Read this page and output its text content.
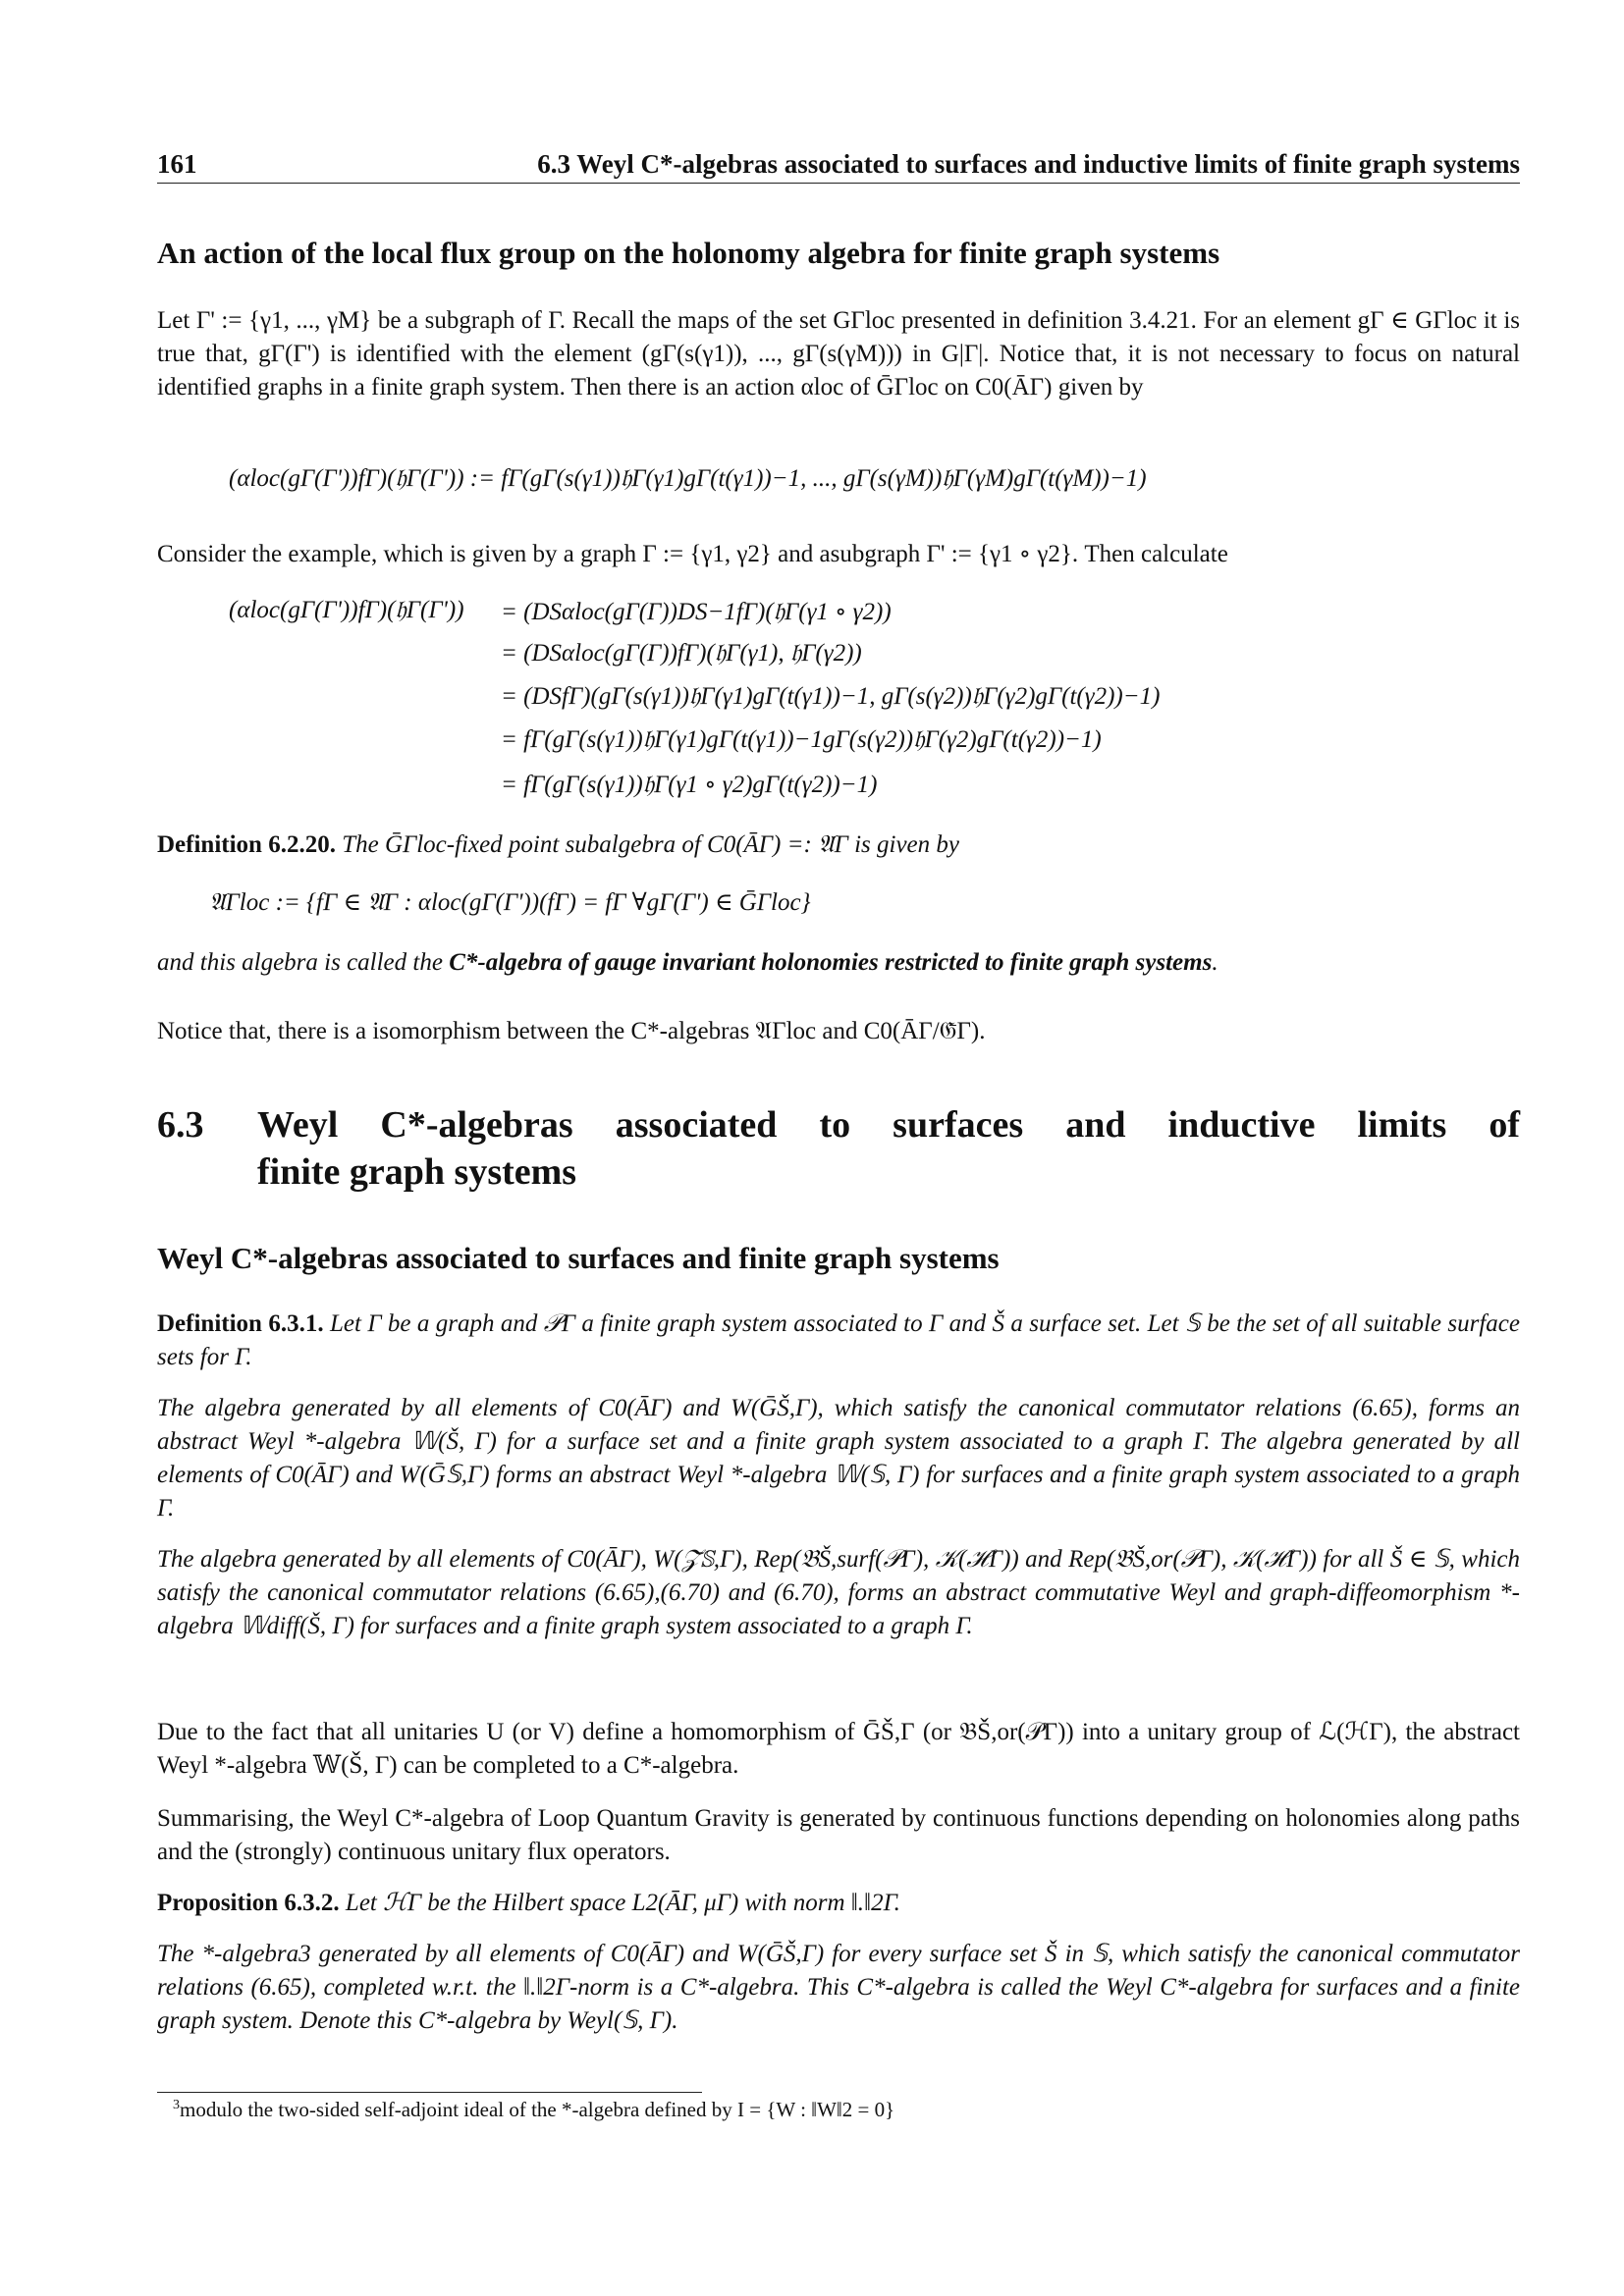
161	6.3 Weyl C*-algebras associated to surfaces and inductive limits of finite graph systems
An action of the local flux group on the holonomy algebra for finite graph systems
Let Γ' := {γ1, ..., γM} be a subgraph of Γ. Recall the maps of the set GΓloc presented in definition 3.4.21. For an element gΓ ∈ GΓloc it is true that, gΓ(Γ') is identified with the element (gΓ(s(γ1)), ..., gΓ(s(γM))) in G|Γ|. Notice that, it is not necessary to focus on natural identified graphs in a finite graph system. Then there is an action αloc of ḠΓloc on C0(ĀΓ) given by
(αloc(gΓ(Γ'))fΓ)(𝔥Γ(Γ')) := fΓ(gΓ(s(γ1))𝔥Γ(γ1)gΓ(t(γ1))−1, ..., gΓ(s(γM))𝔥Γ(γM)gΓ(t(γM))−1)
Consider the example, which is given by a graph Γ := {γ1, γ2} and asubgraph Γ' := {γ1 ∘ γ2}. Then calculate
(αloc(gΓ(Γ'))fΓ)(𝔥Γ(Γ')) = (DSαloc(gΓ(Γ))DS−1fΓ)(𝔥Γ(γ1 ∘ γ2))
= (DSαloc(gΓ(Γ))fΓ)(𝔥Γ(γ1), 𝔥Γ(γ2))
= (DSfΓ)(gΓ(s(γ1))𝔥Γ(γ1)gΓ(t(γ1))−1, gΓ(s(γ2))𝔥Γ(γ2)gΓ(t(γ2))−1)
= fΓ(gΓ(s(γ1))𝔥Γ(γ1)gΓ(t(γ1))−1gΓ(s(γ2))𝔥Γ(γ2)gΓ(t(γ2))−1)
= fΓ(gΓ(s(γ1))𝔥Γ(γ1 ∘ γ2)gΓ(t(γ2))−1)
Definition 6.2.20. The ḠΓloc-fixed point subalgebra of C0(ĀΓ) =: 𝔄Γ is given by
𝔄Γloc := {fΓ ∈ 𝔄Γ : αloc(gΓ(Γ'))(fΓ) = fΓ ∀gΓ(Γ') ∈ ḠΓloc}
and this algebra is called the C*-algebra of gauge invariant holonomies restricted to finite graph systems.
Notice that, there is a isomorphism between the C*-algebras 𝔄Γloc and C0(ĀΓ/𝔊̄Γ).
6.3 Weyl C*-algebras associated to surfaces and inductive limits of
finite graph systems
Weyl C*-algebras associated to surfaces and finite graph systems
Definition 6.3.1. Let Γ be a graph and 𝒫Γ a finite graph system associated to Γ and Š a surface set. Let 𝕊 be the set of all suitable surface sets for Γ.
The algebra generated by all elements of C0(ĀΓ) and W(ḠŠ,Γ), which satisfy the canonical commutator relations (6.65), forms an abstract Weyl *-algebra 𝕎(Š, Γ) for a surface set and a finite graph system associated to a graph Γ. The algebra generated by all elements of C0(ĀΓ) and W(Ḡ𝕊,Γ) forms an abstract Weyl *-algebra 𝕎(𝕊, Γ) for surfaces and a finite graph system associated to a graph Γ.
The algebra generated by all elements of C0(ĀΓ), W(𝒵̄𝕊,Γ), Rep(𝔅Š,surf(𝒫Γ), 𝒦(ℋΓ)) and Rep(𝔅Š,or(𝒫Γ), 𝒦(ℋΓ)) for all Š ∈ 𝕊, which satisfy the canonical commutator relations (6.65),(6.70) and (6.70), forms an abstract commutative Weyl and graph-diffeomorphism *-algebra 𝕎diff(Š, Γ) for surfaces and a finite graph system associated to a graph Γ.
Due to the fact that all unitaries U (or V) define a homomorphism of ḠŠ,Γ (or 𝔅Š,or(𝒫Γ)) into a unitary group of ℒ(ℋΓ), the abstract Weyl *-algebra 𝕎(Š, Γ) can be completed to a C*-algebra.
Summarising, the Weyl C*-algebra of Loop Quantum Gravity is generated by continuous functions depending on holonomies along paths and the (strongly) continuous unitary flux operators.
Proposition 6.3.2. Let ℋΓ be the Hilbert space L2(ĀΓ, μΓ) with norm ‖.‖2Γ.
The *-algebra3 generated by all elements of C0(ĀΓ) and W(ḠŠ,Γ) for every surface set Š in 𝕊, which satisfy the canonical commutator relations (6.65), completed w.r.t. the ‖.‖2Γ-norm is a C*-algebra. This C*-algebra is called the Weyl C*-algebra for surfaces and a finite graph system. Denote this C*-algebra by Weyl(𝕊, Γ).
$^3$modulo the two-sided self-adjoint ideal of the *-algebra defined by I = {W : ‖W‖2 = 0}
